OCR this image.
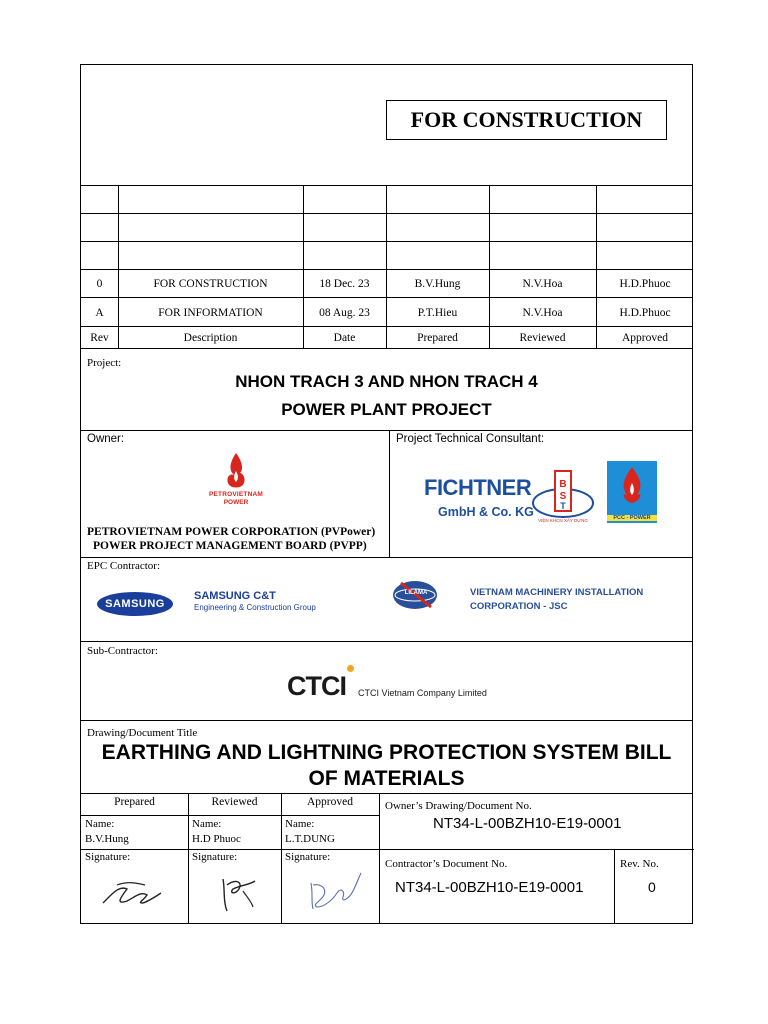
FOR CONSTRUCTION
0	FOR CONSTRUCTION	18 Dec. 23	B.V.Hung	N.V.Hoa	H.D.Phuoc
A	FOR INFORMATION	08 Aug. 23	P.T.Hieu	N.V.Hoa	H.D.Phuoc
Rev	Description	Date	Prepared	Reviewed	Approved
Project:
NHON TRACH 3 AND NHON TRACH 4
POWER PLANT PROJECT
Owner:
PETROVIETNAM
POWER
PETROVIETNAM POWER CORPORATION (PVPower)
POWER PROJECT MANAGEMENT BOARD (PVPP)
Project Technical Consultant:
FICHTNER
GmbH & Co. KG
B
S
T
VIỆN KHCN XÂY DỰNG	PCC - POWER
EPC Contractor:
SAMSUNG
SAMSUNG C&T
Engineering & Construction Group
LILAMA	VIETNAM MACHINERY INSTALLATION
CORPORATION - JSC
Sub-Contractor:
CTCI CTCI Vietnam Company Limited
Drawing/Document Title
EARTHING AND LIGHTNING PROTECTION SYSTEM BILL
OF MATERIALS
Prepared	Reviewed	Approved
Name:
B.V.Hung
Name:
H.D Phuoc
Name:
L.T.DUNG
Signature:	Signature:	Signature:
Owner’s Drawing/Document No.
NT34-L-00BZH10-E19-0001
Contractor’s Document No.
NT34-L-00BZH10-E19-0001
Rev. No.
0
